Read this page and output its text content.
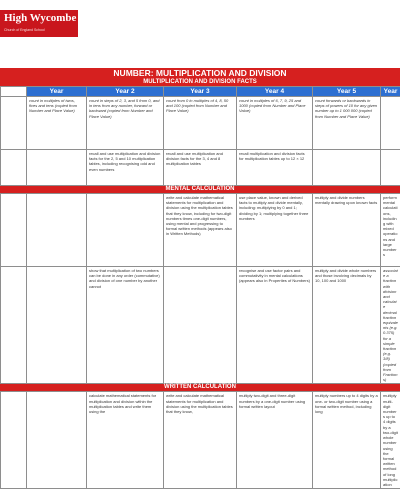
High Wycombe
Church of England School
NUMBER: MULTIPLICATION AND DIVISION
MULTIPLICATION AND DIVISION FACTS
	Year	Year 2	Year 3	Year 4	Year 5	Year
	count in multiples of twos, fives and tens (copied from Number and Place Value)	count in steps of 2, 3, and 5 from 0, and in tens from any number, forward or backward (copied from Number and Place Value)	count from 0 in multiples of 4, 8, 50 and 100 (copied from Number and Place Value)	count in multiples of 6, 7, 9, 25 and 1000 (copied from Number and Place Value)	count forwards or backwards in steps of powers of 10 for any given number up to 1 000 000 (copied from Number and Place Value)	
		recall and use multiplication and division facts for the 2, 5 and 10 multiplication tables, including recognising odd and even numbers	recall and use multiplication and division facts for the 3, 4 and 8 multiplication tables	recall multiplication and division facts for multiplication tables up to 12 × 12		
MENTAL CALCULATION
			write and calculate mathematical statements for multiplication and division using the multiplication tables that they know, including for two-digit numbers times one-digit numbers, using mental and progressing to formal written methods (appears also in Written Methods)	use place value, known and derived facts to multiply and divide mentally, including: multiplying by 0 and 1; dividing by 1; multiplying together three numbers	multiply and divide numbers mentally drawing upon known facts	perform mental calculations, including with mixed operations and large numbers
		show that multiplication of two numbers can be done in any order (commutative) and division of one number by another cannot		recognise and use factor pairs and commutativity in mental calculations (appears also in Properties of Numbers)	multiply and divide whole numbers and those involving decimals by 10, 100 and 1000	associate a fraction with division and calculate decimal fraction equivalents (e.g. 0.375) for a simple fraction (e.g. 3/8) (copied from Fractions)
WRITTEN CALCULATION
		calculate mathematical statements for multiplication and division within the multiplication tables and write them using the	write and calculate mathematical statements for multiplication and division using the multiplication tables that they know,	multiply two-digit and three-digit numbers by a one-digit number using formal written layout	multiply numbers up to 4 digits by a one- or two-digit number using a formal written method, including long	multiply multi-digit numbers up to 4 digits by a two-digit whole number using the formal written method of long multiplication
